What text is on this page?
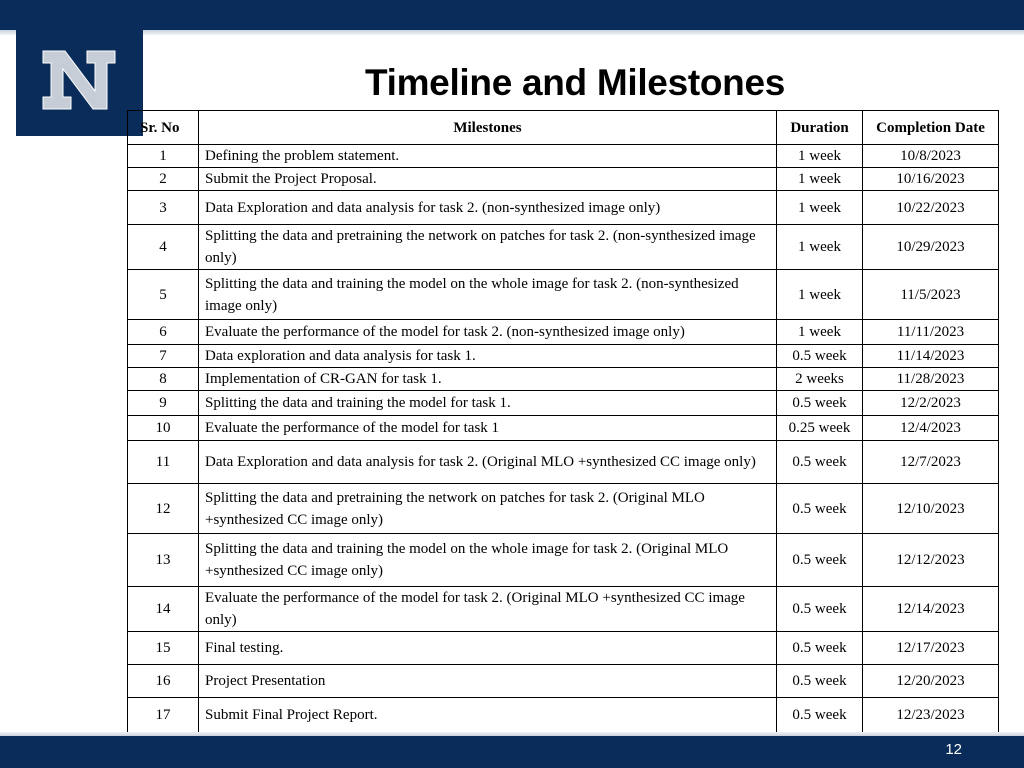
Timeline and Milestones
Sr. No	Milestones	Duration	Completion Date
1	Defining the problem statement.	1 week	10/8/2023
2	Submit the Project Proposal.	1 week	10/16/2023
3	Data Exploration and data analysis for task 2. (non-synthesized image only)	1 week	10/22/2023
4	Splitting the data and pretraining the network on patches for task 2. (non-synthesized image only)	1 week	10/29/2023
5	Splitting the data and training the model on the whole image for task 2. (non-synthesized image only)	1 week	11/5/2023
6	Evaluate the performance of the model for task 2. (non-synthesized image only)	1 week	11/11/2023
7	Data exploration and data analysis for task 1.	0.5 week	11/14/2023
8	Implementation of CR-GAN for task 1.	2 weeks	11/28/2023
9	Splitting the data and training the model for task 1.	0.5 week	12/2/2023
10	Evaluate the performance of the model for task 1	0.25 week	12/4/2023
11	Data Exploration and data analysis for task 2. (Original MLO +synthesized CC image only)	0.5 week	12/7/2023
12	Splitting the data and pretraining the network on patches for task 2. (Original MLO +synthesized CC image only)	0.5 week	12/10/2023
13	Splitting the data and training the model on the whole image for task 2. (Original MLO +synthesized CC image only)	0.5 week	12/12/2023
14	Evaluate the performance of the model for task 2. (Original MLO +synthesized CC image only)	0.5 week	12/14/2023
15	Final testing.	0.5 week	12/17/2023
16	Project Presentation	0.5 week	12/20/2023
17	Submit Final Project Report.	0.5 week	12/23/2023
12
